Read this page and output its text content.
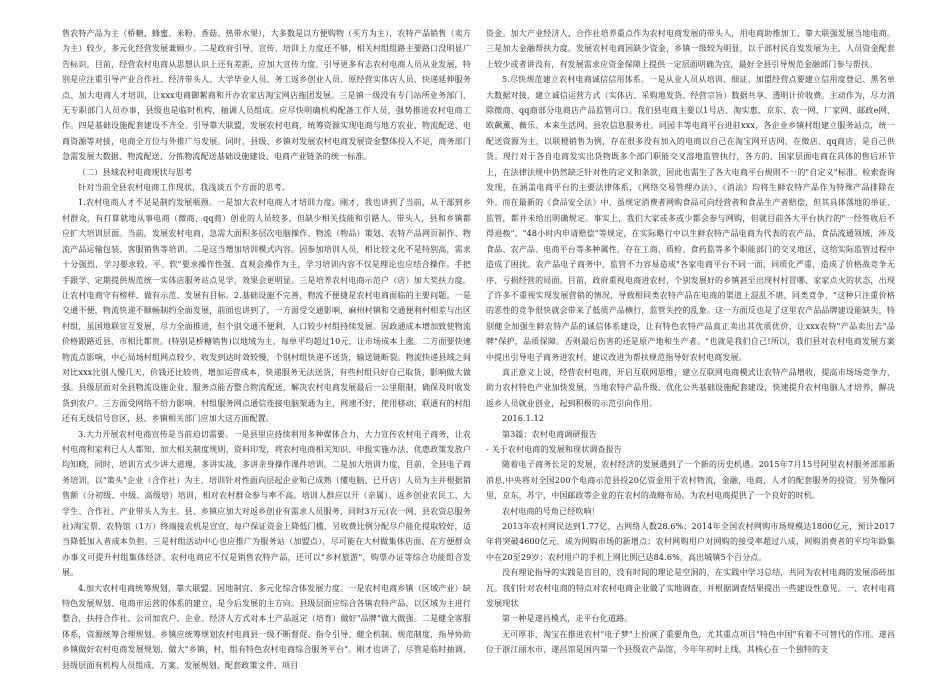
售农特产品为主（桥糖、蜂蜜、米粉、香菇、热带水果），大多数是以方便购物（买方为主），农特产品销售（卖方为主）较少，多元化经营发展兼顾少。二是政府引导、宣传、培训上力度还不够，相关村组组路主要路口没明显广告标识。目前，经营农村电商从思想认识上还有差距，应加大宣传力度，引导更多有志农村电商人员从业发展，特别是应注重引导产业合作社、经济带头人、大学毕业人员、务工返乡创业人员、原经营实体店人员、快递延伸服务点、加大电商人才培训，让xxx电商御絮商和开办农家店淘宝网店拖团发展。三是镇一级没有专门站所业务部门，无专职部门人员办事，县级也是临时机构，抽调人员组成。应尽快明确机构配备工作人员，强势推进农村电商工作。四是基础设施配套建设不齐全。引导靠大联盟，发展农村电商，统筹资源实现电商与地方农业、物流配送、电商资源等对接，电商全方位与外推广与发展。同时，县级、乡镇对发展农村电商发展资金整体投入不足，商务部门急需发展大数据、物流配送、分拣物流配送基础设施建设、电商产业链条的统一标准。

（二）县域农村电商现状与思考

针对当前全县农村电商工作现状，我浅谈五个方面的思考。

1.农村电商人才不足是制约发展瓶颈。一是加大农村电商人才培训力度。刚才，我也讲到了当前，从干部到乡村群众，有打算就地从事电商（微商、qq商）创业的人员较多，但缺少相关技能和引路人、带头人，县和乡镇都应扩大培训层面。当前，发展农村电商，急需大面积多层次电脑操作、物流（物品）策划、农特产品网页制作、物流产品运输包装、客服销售等培训。二是这当增加培训模式内容。因参加培训人员，相比较文化不是特别高，需求十分强烈，学习要求较，平、软"要求操作性强、直观会操作为主，学习培训内容不仅是理论也应结合操作。手把手跟学、定期提供规范统一实体店服务站点见学，效果会更明显。三是培养农村电商示范户（店）加大奖扶力度。让农村电商守有榜样、做有示范、发展有目标。2.基础设施不完善，物流不便捷是农村电商面临的主要问题。一是交通不便，物流快递不顺畅制约全面发展，前面也讲到了，一方面受交通影响，麻州村镇和交通便利村相差与出区村组，虽国地联宣互发展，尽力全面推进，但个别交通不便利，人口较少村组持续发展。因政通成本增加致使物流价格跟路近县、市相比都贵。(特别是桥糖销售)以地域为主，每单平均超过10元，让市场成本上涨。二方面要快速物流点影响，中心局场村组网点较少，收发到达时效较慢，个别村组快递不送货，输送链断裂。物流快递县域之间对比xxx比别人慢几天，价钱还比较贵，增加运营成本，快递服务无法送货，有些村组只好自己取货，影响做大做强。县级层面对全县物流设施企业、服务点能否整合物流配送，解决农村电商发展最后一公里限制，确保及时收发货到农户。三方面受网络不给力影响，村组服务网点通信连接电脑架通为主，网速不好，使用移动、联通有的村组还有无线信号盲区，县、乡镇相关部门应加大这方面配置。

3.大力开展农村电商宣传是当前迫切需要。一是县里应持续利用多种媒体合力，大力宣传农村电子商务，让农村电商和家利已人人都知，加大相关制度规则、资料印发，将农村电商相关知识、申报实施办法、优惠政策发放户均知晓，同时，培训方式少讲大道理，多讲实战，多讲亲身操作课件培训。二是加大培训力度，目前，全县电子商务培训，以"策头"企业（合作社）为主，培训针对性面向层起企业和已成熟（懂电脑、已开店）人员为主并根据销售额（分初级、中级、高级培）培训，相对农村群众参与率不高。培训人群应以开（亲属）、返乡创业农民工、大学生、合作社、产业带头人为主。县、乡镇应加大对返乡创业有需求人员服务，同时3万元(农一网、县农资总服务社)淘宝票、农特馆（1万）终端接农机是宣宣、每户保证资金上降低门槛，另收费比例分配尽户能化提取较好，适当降低加入者成本负担。三是村组活动中心也应推广为服务站（加盟点），尽可能在大村做集体店面、在方便群众办事又可提升村组集体经济。农村电商应不仅是销售农特产品，还可以"乡村旅游"，购票办证等综合功能组合发展。

4.加大农村电商统筹规划，靠大联盟。因地制宜、多元化综合体发展力度。一是农村电商乡镇（区域产业）缺特色发展规划、电商市运营的体系的建立，是今后发展的主方向。县级层面应综合各镇农特产品，以区域为主进行整合，扶持合作社、公司加农户、企业、经济人方式对本土产品返定（培育）做好"品牌"做大做强。二是健全客服体系，资源统筹合理规划。乡镇应统筹规划农村电商县一级不断督促、指令引导、健全机制、规范制度，指导协助乡镇做好农村电商发展规划，做大"乡镇，村，组有特色农村电商综合服务平台"。刚才也讲了，尽管是临时抽调，县级层面有机构人员组成、方案、发展规划、配套政策文件、项目

资金。加大产业经济人、合作社培养重点作为农村电商发展的带头人，用电商助推加工、靠大联强发展当地电商。三是加大金融帮扶力度。发展农村电商因缺少资金，乡镇一级较为明显，以干部村民自发发展为主，人员资金配套上较少或者讲没有，有发展需求应资金保障上提供一定层面明确为宜，最好全县引导规范金融部门参与帮扶。

5.尽快规范建立农村电商诚信信用体系。一是从业人员从培训、细证、加盟经营点要建立信用度登记、黑名单大数据对接，建立诚信运营方式（实体店、采购地发货、经营宗旨）数据共享、透明计价收费。主动作为，尽力消除微商、qq商部分电商店产品监管可口。我们县电商主要以1号店、淘实惠、京东、农一网、厂家网、邮政e网、欧飙薰、薇乐、本来生活网、县农信息服务社，同园丰等电商平台进驻xxx，各企业乡镇村组建立服务站点，统一配送资源为主，以联橙销售为例，存在很多没有加入的电商以自己在淘宝网开店网、在微店、qq商店，是自己供货。现行对于各自电商发实出货物既多个部门职能交叉溶地监管执行，各方的、国家层面电商在具体的售后环节上，在法律法规中仍然缺乏针对性的定义和条款，因此也需生了各大电商平台规则不一的"自定义"标准。检索查询发现，在涵盖电商平台的主要法律体系，《网络交易管理办法》、《消法》均将生鲜农特产品作为特殊产品排除在外。而在最新的《食品安全法》中，虽规定消费者网购食品可向经营者和食品生产者赔偿，但其具体落地的举证、监管，都并未给出明确规定。事实上，我们大家或多或少都会参与网购，但就目前各大平台执行的"一经签收后不得退换"、"48小时内申请赔偿"等规定，在实际略行中以生鲜农特产品电商为代表的农产品、食品流通领域，涉及食品、农产品、电商平台等多种属性，存在工商、质检、食药监等多个职能部门的交叉地区，这给实际监管过程中造成了困扰。农产品电子商务中，监管不力容易造成"各家电商平台不同一面，同质化严重，造成了价格战竞争无序、亏损经营的局面。目前，政府重视电商进农村，个别发展好的乡镇甚至出现村村冒哪、家家点火的状态，出现了许多不重视实现发展营销的情况，导致相同类农特产品在电商的渠道上混乱不堪，同类竞争，"这种只注重价格的恶性的竞争很快就会带来了低质产品横行，监管失控的乱象。这一方面反也是了这里农产品品牌建设能缺失，特别健全加强生鲜农特产品的诚信体系建设，让有特色农特产品真正卖出其优质优价，让xxx农特"产品卖出去"品牌"保护，品质保障。否则最后伤害的还是原产地和生产者。"也就是我们自己!所以，我们县对农村电商发展方案中提出引导电子商务进农村，建议改进为帮扶规范指导好农村电商发展。

真正意义上说，经营农村电商，开启互联网思维，建立互联网电商模式让农特产品增收，提高市场场竞争力，助力农村特色产业加快发展，当地农特产品升级、优化公共基础设施配套建设，快速提升农村电脑人才培养，解决返乡人员就业创业，起到积极的示范引向作用。

2016.1.12

第3篇：农村电商调研报告

- 关于农村电商的发展和现状调查报告

随着电子商务长足的发展，农村经济的发展遇到了一个新的历史机遇。2015年7月15号阿里农村服务部部新消息,中央将对全国200个电商示范县投20亿资金用于农村物流，金融，电商，人才的配套服务的投资。另外像阿里，京东，苏宁，中国邮政等企业的在农村的战略布局。为农村电商提供了一个良好的时机。

农村电商的号角已经吹响！

2013年农村网民达到1.77亿，占网络人数28.6%；2014年全国农村网购市场规模达1800亿元，预计2017年将突破4600亿元，成为网购市场的新增点；农村网购用户对网购的接受率超过八成，网购消费者的平均年龄集中在20至29岁；农村用户的手机上网比例已达84.6%，高出城镇5个百分点。

没有理论指导的实践是盲目的，没有时间的理论是空洞的，在实践中学习总结，共同为农村电商的发展添砖加瓦。我们针对农村电商的特点对农村电商企业做了实地调查，并根据调查结果提出一些建设性意见。一、农村电商发展现状

第一种是遂昌模式，走平台化道路。

无可厚非，淘宝在推进农村"电子梦"上扮演了重要角色，尤其重点项目"特色中国"有着不可替代的作用。遂昌位于浙江丽水市，遂昌馆是国内第一个县级农产品馆，今年年初时上线，其核心在一个独特的支
